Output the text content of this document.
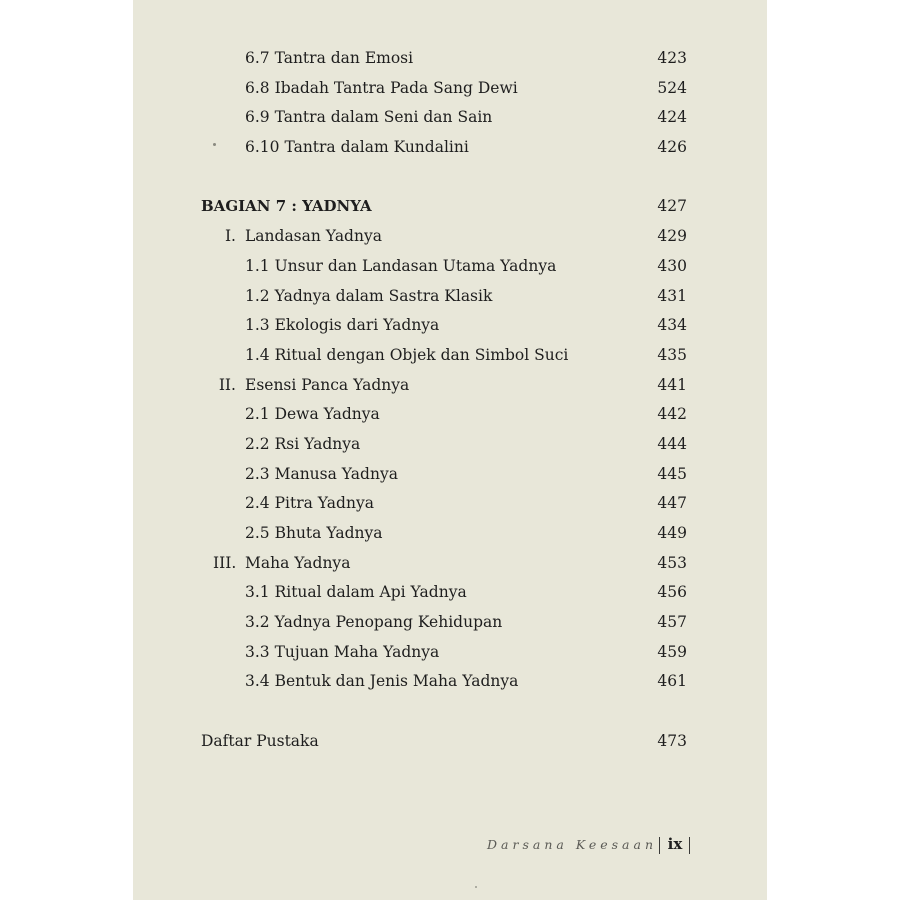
6.7 Tantra dan Emosi	423
6.8 Ibadah Tantra Pada Sang Dewi	524
6.9 Tantra dalam Seni dan Sain	424
6.10 Tantra dalam Kundalini	426
BAGIAN 7 : YADNYA	427
I. Landasan Yadnya	429
1.1 Unsur dan Landasan Utama Yadnya	430
1.2 Yadnya dalam Sastra Klasik	431
1.3 Ekologis dari Yadnya	434
1.4 Ritual dengan Objek dan Simbol Suci	435
II. Esensi Panca Yadnya	441
2.1 Dewa Yadnya	442
2.2 Rsi Yadnya	444
2.3 Manusa Yadnya	445
2.4 Pitra Yadnya	447
2.5 Bhuta Yadnya	449
III. Maha Yadnya	453
3.1 Ritual dalam Api Yadnya	456
3.2 Yadnya Penopang Kehidupan	457
3.3 Tujuan Maha Yadnya	459
3.4 Bentuk dan Jenis Maha Yadnya	461
Daftar Pustaka	473
Darsana Keesaan ix
